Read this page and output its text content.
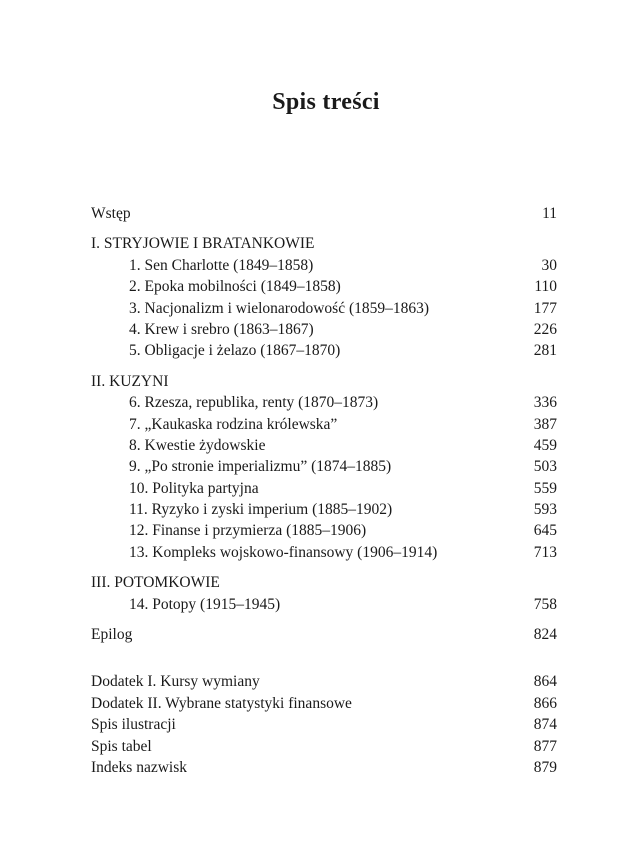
Spis treści
Wstęp	11
I. STRYJOWIE I BRATANKOWIE
1. Sen Charlotte (1849–1858)	30
2. Epoka mobilności (1849–1858)	110
3. Nacjonalizm i wielonarodowość (1859–1863)	177
4. Krew i srebro (1863–1867)	226
5. Obligacje i żelazo (1867–1870)	281
II. KUZYNI
6. Rzesza, republika, renty (1870–1873)	336
7. „Kaukaska rodzina królewska”	387
8. Kwestie żydowskie	459
9. „Po stronie imperializmu” (1874–1885)	503
10. Polityka partyjna	559
11. Ryzyko i zyski imperium (1885–1902)	593
12. Finanse i przymierza (1885–1906)	645
13. Kompleks wojskowo-finansowy (1906–1914)	713
III. POTOMKOWIE
14. Potopy (1915–1945)	758
Epilog	824
Dodatek I. Kursy wymiany	864
Dodatek II. Wybrane statystyki finansowe	866
Spis ilustracji	874
Spis tabel	877
Indeks nazwisk	879
